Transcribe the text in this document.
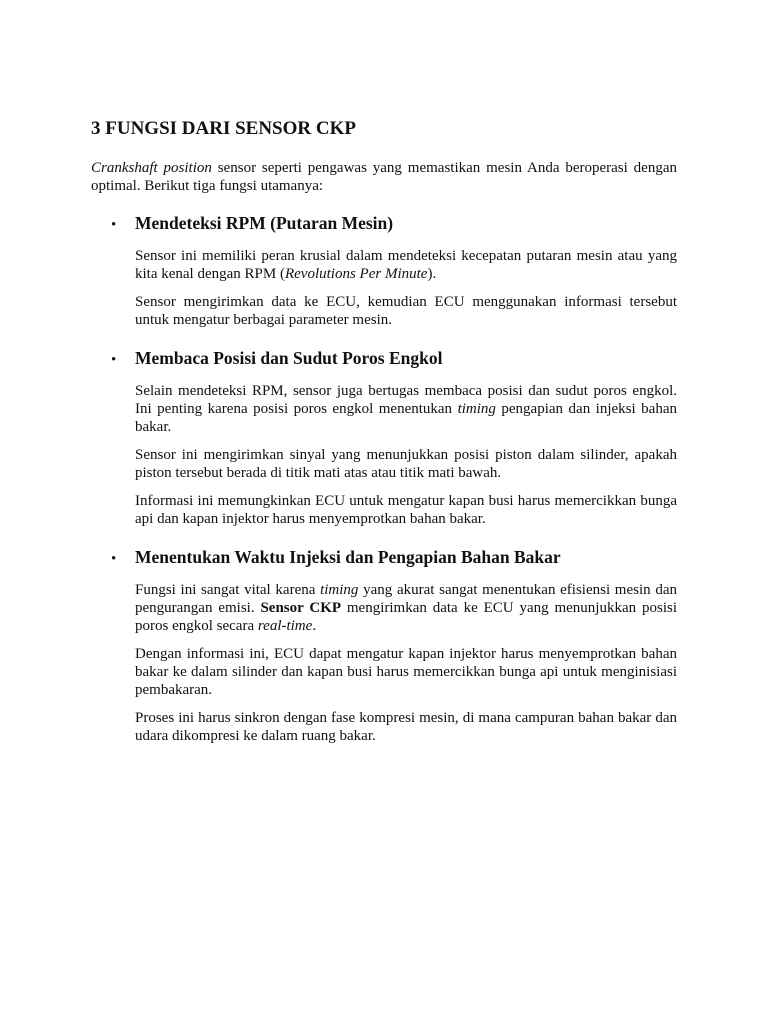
3 FUNGSI DARI SENSOR CKP

Crankshaft position sensor seperti pengawas yang memastikan mesin Anda beroperasi dengan optimal. Berikut tiga fungsi utamanya:

•	Mendeteksi RPM (Putaran Mesin)

Sensor ini memiliki peran krusial dalam mendeteksi kecepatan putaran mesin atau yang kita kenal dengan RPM (Revolutions Per Minute).

Sensor mengirimkan data ke ECU, kemudian ECU menggunakan informasi tersebut untuk mengatur berbagai parameter mesin.

•	Membaca Posisi dan Sudut Poros Engkol

Selain mendeteksi RPM, sensor juga bertugas membaca posisi dan sudut poros engkol. Ini penting karena posisi poros engkol menentukan timing pengapian dan injeksi bahan bakar.

Sensor ini mengirimkan sinyal yang menunjukkan posisi piston dalam silinder, apakah piston tersebut berada di titik mati atas atau titik mati bawah.

Informasi ini memungkinkan ECU untuk mengatur kapan busi harus memercikkan bunga api dan kapan injektor harus menyemprotkan bahan bakar.

•	Menentukan Waktu Injeksi dan Pengapian Bahan Bakar

Fungsi ini sangat vital karena timing yang akurat sangat menentukan efisiensi mesin dan pengurangan emisi. Sensor CKP mengirimkan data ke ECU yang menunjukkan posisi poros engkol secara real-time.

Dengan informasi ini, ECU dapat mengatur kapan injektor harus menyemprotkan bahan bakar ke dalam silinder dan kapan busi harus memercikkan bunga api untuk menginisiasi pembakaran.

Proses ini harus sinkron dengan fase kompresi mesin, di mana campuran bahan bakar dan udara dikompresi ke dalam ruang bakar.
